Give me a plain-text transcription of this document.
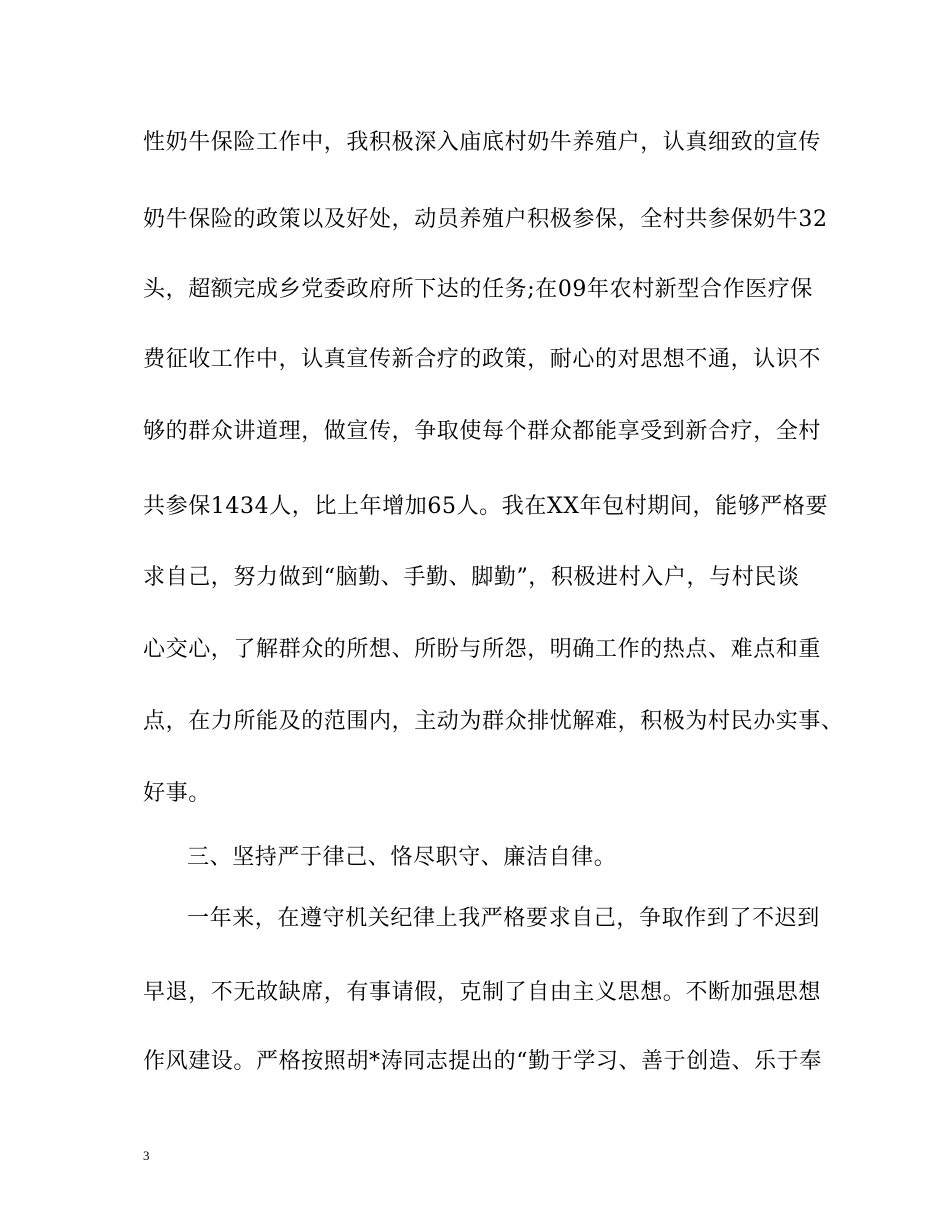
性奶牛保险工作中，我积极深入庙底村奶牛养殖户，认真细致的宣传
奶牛保险的政策以及好处，动员养殖户积极参保，全村共参保奶牛32
头，超额完成乡党委政府所下达的任务;在09年农村新型合作医疗保
费征收工作中，认真宣传新合疗的政策，耐心的对思想不通，认识不
够的群众讲道理，做宣传，争取使每个群众都能享受到新合疗，全村
共参保1434人，比上年增加65人。我在XX年包村期间，能够严格要
求自己，努力做到“脑勤、手勤、脚勤”，积极进村入户，与村民谈
心交心，了解群众的所想、所盼与所怨，明确工作的热点、难点和重
点，在力所能及的范围内，主动为群众排忧解难，积极为村民办实事、
好事。
三、坚持严于律己、恪尽职守、廉洁自律。
一年来，在遵守机关纪律上我严格要求自己，争取作到了不迟到
早退，不无故缺席，有事请假，克制了自由主义思想。不断加强思想
作风建设。严格按照胡*涛同志提出的“勤于学习、善于创造、乐于奉
3
